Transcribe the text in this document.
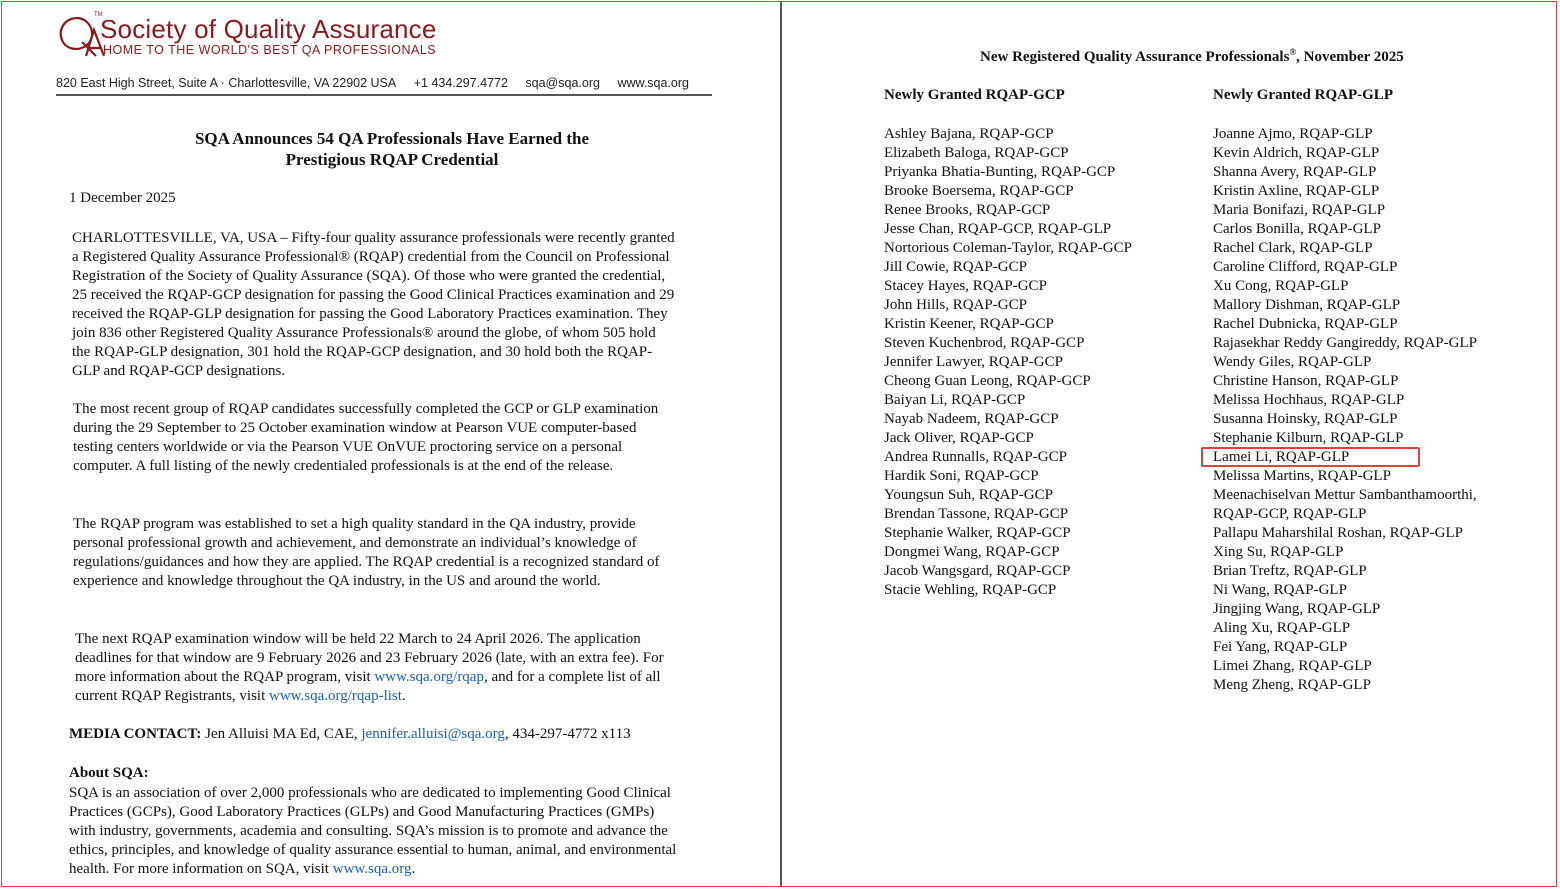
TM
Society of Quality Assurance
HOME TO THE WORLD'S BEST QA PROFESSIONALS
820 East High Street, Suite A · Charlottesville, VA 22902 USA +1 434.297.4772 sqa@sqa.org www.sqa.org
SQA Announces 54 QA Professionals Have Earned the
Prestigious RQAP Credential
1 December 2025
CHARLOTTESVILLE, VA, USA – Fifty-four quality assurance professionals were recently granted a Registered Quality Assurance Professional® (RQAP) credential from the Council on Professional Registration of the Society of Quality Assurance (SQA). Of those who were granted the credential, 25 received the RQAP-GCP designation for passing the Good Clinical Practices examination and 29 received the RQAP-GLP designation for passing the Good Laboratory Practices examination. They join 836 other Registered Quality Assurance Professionals® around the globe, of whom 505 hold the RQAP-GLP designation, 301 hold the RQAP-GCP designation, and 30 hold both the RQAP-GLP and RQAP-GCP designations.
The most recent group of RQAP candidates successfully completed the GCP or GLP examination during the 29 September to 25 October examination window at Pearson VUE computer-based testing centers worldwide or via the Pearson VUE OnVUE proctoring service on a personal computer. A full listing of the newly credentialed professionals is at the end of the release.
The RQAP program was established to set a high quality standard in the QA industry, provide personal professional growth and achievement, and demonstrate an individual’s knowledge of regulations/guidances and how they are applied. The RQAP credential is a recognized standard of experience and knowledge throughout the QA industry, in the US and around the world.
The next RQAP examination window will be held 22 March to 24 April 2026. The application deadlines for that window are 9 February 2026 and 23 February 2026 (late, with an extra fee). For more information about the RQAP program, visit www.sqa.org/rqap, and for a complete list of all current RQAP Registrants, visit www.sqa.org/rqap-list.
MEDIA CONTACT: Jen Alluisi MA Ed, CAE, jennifer.alluisi@sqa.org, 434-297-4772 x113
About SQA:
SQA is an association of over 2,000 professionals who are dedicated to implementing Good Clinical Practices (GCPs), Good Laboratory Practices (GLPs) and Good Manufacturing Practices (GMPs) with industry, governments, academia and consulting. SQA’s mission is to promote and advance the ethics, principles, and knowledge of quality assurance essential to human, animal, and environmental health. For more information on SQA, visit www.sqa.org.
New Registered Quality Assurance Professionals®, November 2025
Newly Granted RQAP-GCP	Newly Granted RQAP-GLP
Ashley Bajana, RQAP-GCP
Elizabeth Baloga, RQAP-GCP
Priyanka Bhatia-Bunting, RQAP-GCP
Brooke Boersema, RQAP-GCP
Renee Brooks, RQAP-GCP
Jesse Chan, RQAP-GCP, RQAP-GLP
Nortorious Coleman-Taylor, RQAP-GCP
Jill Cowie, RQAP-GCP
Stacey Hayes, RQAP-GCP
John Hills, RQAP-GCP
Kristin Keener, RQAP-GCP
Steven Kuchenbrod, RQAP-GCP
Jennifer Lawyer, RQAP-GCP
Cheong Guan Leong, RQAP-GCP
Baiyan Li, RQAP-GCP
Nayab Nadeem, RQAP-GCP
Jack Oliver, RQAP-GCP
Andrea Runnalls, RQAP-GCP
Hardik Soni, RQAP-GCP
Youngsun Suh, RQAP-GCP
Brendan Tassone, RQAP-GCP
Stephanie Walker, RQAP-GCP
Dongmei Wang, RQAP-GCP
Jacob Wangsgard, RQAP-GCP
Stacie Wehling, RQAP-GCP
Joanne Ajmo, RQAP-GLP
Kevin Aldrich, RQAP-GLP
Shanna Avery, RQAP-GLP
Kristin Axline, RQAP-GLP
Maria Bonifazi, RQAP-GLP
Carlos Bonilla, RQAP-GLP
Rachel Clark, RQAP-GLP
Caroline Clifford, RQAP-GLP
Xu Cong, RQAP-GLP
Mallory Dishman, RQAP-GLP
Rachel Dubnicka, RQAP-GLP
Rajasekhar Reddy Gangireddy, RQAP-GLP
Wendy Giles, RQAP-GLP
Christine Hanson, RQAP-GLP
Melissa Hochhaus, RQAP-GLP
Susanna Hoinsky, RQAP-GLP
Stephanie Kilburn, RQAP-GLP
Lamei Li, RQAP-GLP
Melissa Martins, RQAP-GLP
Meenachiselvan Mettur Sambanthamoorthi,
RQAP-GCP, RQAP-GLP
Pallapu Maharshilal Roshan, RQAP-GLP
Xing Su, RQAP-GLP
Brian Treftz, RQAP-GLP
Ni Wang, RQAP-GLP
Jingjing Wang, RQAP-GLP
Aling Xu, RQAP-GLP
Fei Yang, RQAP-GLP
Limei Zhang, RQAP-GLP
Meng Zheng, RQAP-GLP
